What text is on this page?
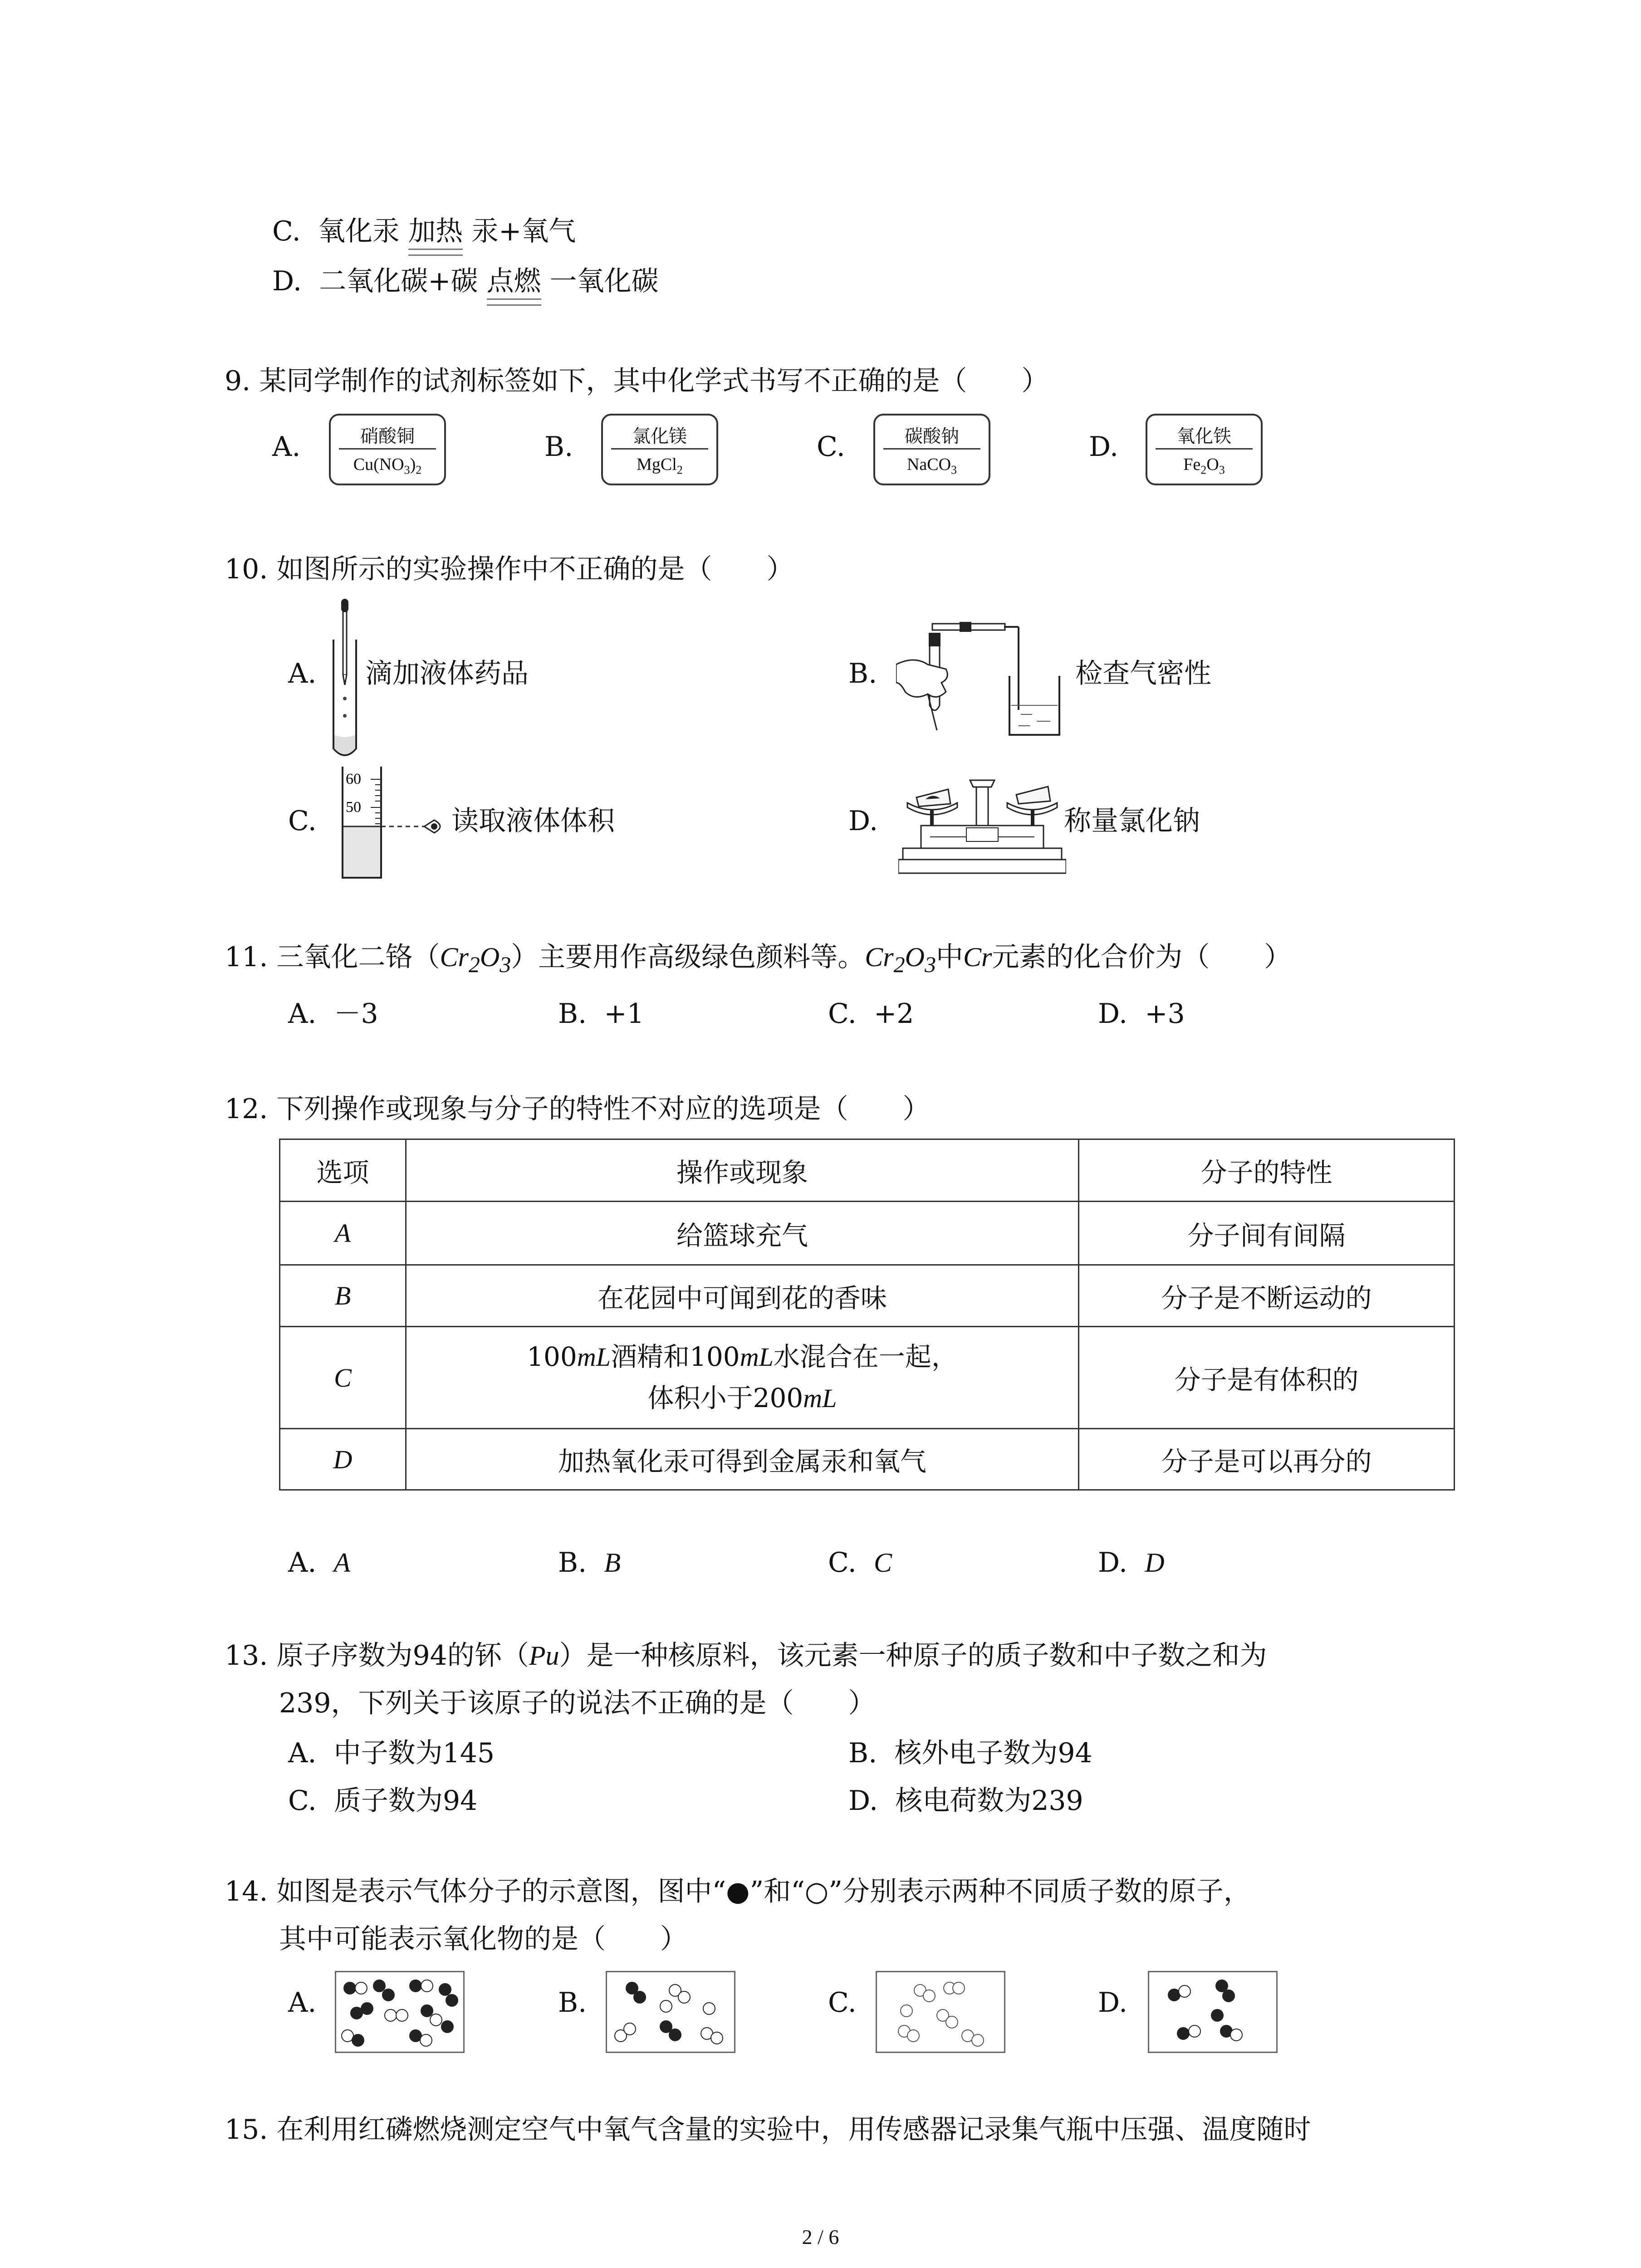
C. 氧化汞 加热 汞+氧气
D. 二氧化碳+碳 点燃 一氧化碳
9. 某同学制作的试剂标签如下，其中化学式书写不正确的是（　　）
A.	硝酸铜
$Cu(NO_3)_2$
B.	氯化镁
MgCl$_2$
C.	碳酸钠
NaCO$_3$
D.	氧化铁
$Fe_2O_3$
10. 如图所示的实验操作中不正确的是（　　）
A. 滴加液体药品	B.	检查气密性
C.
60
50	读取液体体积	D.	称量氯化钠
11. 三氧化二铬$(Cr_2O_3)$主要用作高级绿色颜料等。$Cr_2O_3$中Cr元素的化合价为（　　）
A. －3	B. +1	C. +2	D. +3
12. 下列操作或现象与分子的特性不对应的选项是（　　）
选项	操作或现象	分子的特性
A	给篮球充气	分子间有间隔
B	在花园中可闻到花的香味	分子是不断运动的
C	100mL酒精和100mL水混合在一起，
体积小于200mL	分子是有体积的
D	加热氧化汞可得到金属汞和氧气	分子是可以再分的
A. A	B. B	C. C	D. D
13. 原子序数为94的钚（Pu）是一种核原料，该元素一种原子的质子数和中子数之和为
239，下列关于该原子的说法不正确的是（　　）
A. 中子数为145	B. 核外电子数为94
C. 质子数为94	D. 核电荷数为239
14. 如图是表示气体分子的示意图，图中“●”和“○”分别表示两种不同质子数的原子，
其中可能表示氧化物的是（　　）
A.	B.	C.	D.
15. 在利用红磷燃烧测定空气中氧气含量的实验中，用传感器记录集气瓶中压强、温度随时
2 / 6
